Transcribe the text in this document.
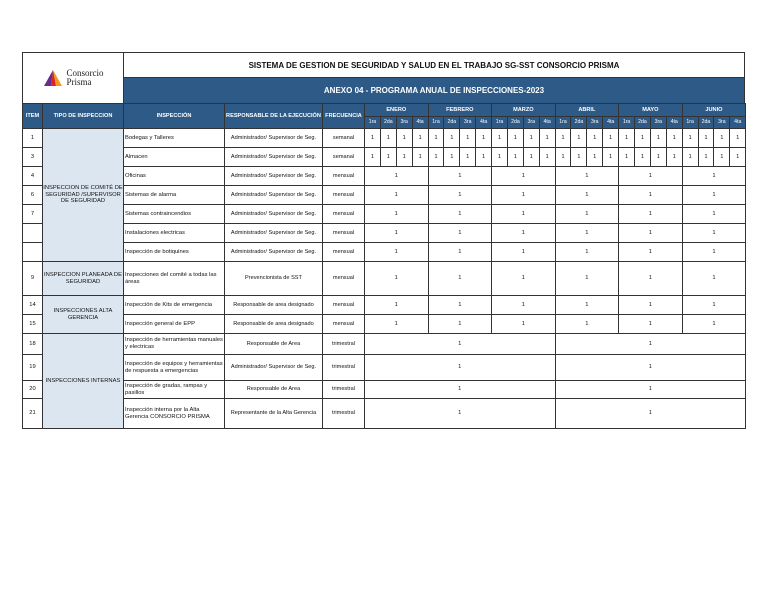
Consorcio
Prisma
SISTEMA DE GESTION DE SEGURIDAD Y SALUD EN EL TRABAJO SG-SST CONSORCIO PRISMA
ANEXO 04 - PROGRAMA ANUAL DE INSPECCIONES-2023
ITEM	TIPO DE INSPECCION	INSPECCIÓN	RESPONSABLE DE LA EJECUCIÓN	FRECUENCIA	ENERO				FEBRERO				MARZO				ABRIL				MAYO				JUNIO			
					1ra	2da	3ra	4ta	1ra	2da	3ra	4ta	1ra	2da	3ra	4ta	1ra	2da	3ra	4ta	1ra	2da	3ra	4ta	1ra	2da	3ra	4ta
1	INSPECCION DE COMITÉ DE SEGURIDAD /SUPERVISOR DE SEGURIDAD	Bodegas y Talleres	Administrador/ Supervisor de Seg.	semanal	1	1	1	1	1	1	1	1	1	1	1	1	1	1	1	1	1	1	1	1	1	1	1	1
3		Almacen	Administrador/ Supervisor de Seg.	semanal	1	1	1	1	1	1	1	1	1	1	1	1	1	1	1	1	1	1	1	1	1	1	1	1
4		Oficinas	Administrador/ Supervisor de Seg.	mensual	1				1				1				1				1				1			
6		Sistemas de alarma	Administrador/ Supervisor de Seg.	mensual	1				1				1				1				1				1			
7		Sistemas contraincendios	Administrador/ Supervisor de Seg.	mensual	1				1				1				1				1				1			
		Instalaciones electricas	Administrador/ Supervisor de Seg.	mensual	1				1				1				1				1				1			
		Inspección de botiquines	Administrador/ Supervisor de Seg.	mensual	1				1				1				1				1				1			
9	INSPECCION PLANEADA DE SEGURIDAD	Inspecciones del comité a todas las áreas	Prevencionista de SST	mensual	1				1				1				1				1				1			
14	INSPECCIONES ALTA GERENCIA	Inspección de Kits de emergencia	Responsable de area designado	mensual	1				1				1				1				1				1			
15		Inspección general de EPP	Responsable de area designado	mensual	1				1				1				1				1				1			
18	INSPECCIONES INTERNAS	Inspección de herramientas manuales y electricas	Responsable de Area	trimestral	1												1											
19		Inspección de equipos y herramientas de respuesta a emergencias	Administrador/ Supervisor de Seg.	trimestral	1												1											
20		Inspección de gradas, rampas y pasillos	Responsable de Area	trimestral	1												1											
21		Inspección interna por la Alta Gerencia CONSORCIO PRISMA	Representante de la Alta Gerencia	trimestral	1												1											
